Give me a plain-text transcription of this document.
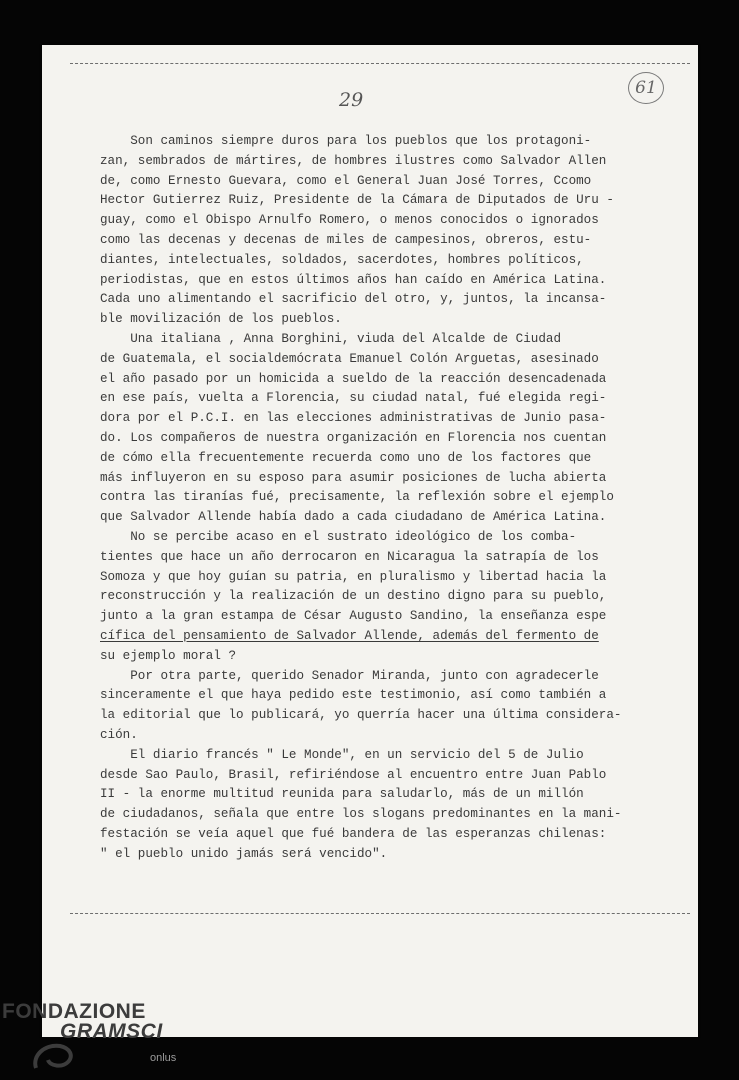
29
61
Son caminos siempre duros para los pueblos que los protagoni-
zan, sembrados de mártires, de hombres ilustres como Salvador Allen
de, como Ernesto Guevara, como el General Juan José Torres, Ccomo
Hector Gutierrez Ruiz, Presidente de la Cámara de Diputados de Uru -
guay, como el Obispo Arnulfo Romero, o menos conocidos o ignorados
como las decenas y decenas de miles de campesinos, obreros, estu-
diantes, intelectuales, soldados, sacerdotes, hombres políticos,
periodistas, que en estos últimos años han caído en América Latina.
Cada uno alimentando el sacrificio del otro, y, juntos, la incansa-
ble movilización de los pueblos.
Una italiana , Anna Borghini, viuda del Alcalde de Ciudad
de Guatemala, el socialdemócrata Emanuel Colón Arguetas, asesinado
el año pasado por un homicida a sueldo de la reacción desencadenada
en ese país, vuelta a Florencia, su ciudad natal, fué elegida regi-
dora por el P.C.I. en las elecciones administrativas de Junio pasa-
do. Los compañeros de nuestra organización en Florencia nos cuentan
de cómo ella frecuentemente recuerda como uno de los factores que
más influyeron en su esposo para asumir posiciones de lucha abierta
contra las tiranías fué, precisamente, la reflexión sobre el ejemplo
que Salvador Allende había dado a cada ciudadano de América Latina.
No se percibe acaso en el sustrato ideológico de los comba-
tientes que hace un año derrocaron en Nicaragua la satrapía de los
Somoza y que hoy guían su patria, en pluralismo y libertad hacia la
reconstrucción y la realización de un destino digno para su pueblo,
junto a la gran estampa de César Augusto Sandino, la enseñanza espe
cífica del pensamiento de Salvador Allende, además del fermento de
su ejemplo moral ?
Por otra parte, querido Senador Miranda, junto con agradecerle
sinceramente el que haya pedido este testimonio, así como también a
la editorial que lo publicará, yo querría hacer una última considera-
ción.
El diario francés " Le Monde", en un servicio del 5 de Julio
desde Sao Paulo, Brasil, refiriéndose al encuentro entre Juan Pablo
II - la enorme multitud reunida para saludarlo, más de un millón
de ciudadanos, señala que entre los slogans predominantes en la mani-
festación se veía aquel que fué bandera de las esperanzas chilenas:
" el pueblo unido jamás será vencido".
FONDAZIONE
GRAMSCI
onlus
